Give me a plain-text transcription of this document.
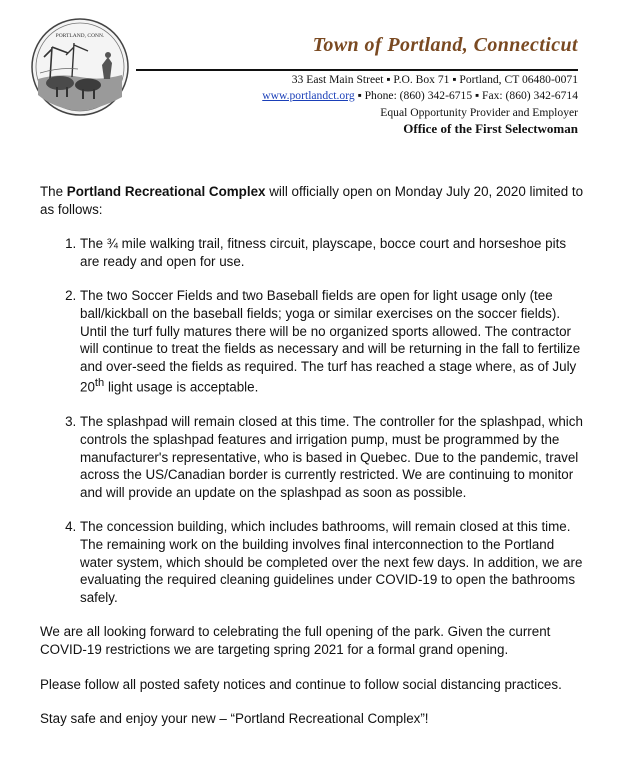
PORTLAND, CONN.	Town of Portland, Connecticut
33 East Main Street ▪ P.O. Box 71 ▪ Portland, CT 06480-0071
www.portlandct.org ▪ Phone: (860) 342-6715 ▪ Fax: (860) 342-6714
Equal Opportunity Provider and Employer
Office of the First Selectwoman

The Portland Recreational Complex will officially open on Monday July 20, 2020 limited to as follows:

1. The ¾ mile walking trail, fitness circuit, playscape, bocce court and horseshoe pits are ready and open for use.
2. The two Soccer Fields and two Baseball fields are open for light usage only (tee ball/kickball on the baseball fields; yoga or similar exercises on the soccer fields). Until the turf fully matures there will be no organized sports allowed. The contractor will continue to treat the fields as necessary and will be returning in the fall to fertilize and over-seed the fields as required. The turf has reached a stage where, as of July 20th light usage is acceptable.
3. The splashpad will remain closed at this time. The controller for the splashpad, which controls the splashpad features and irrigation pump, must be programmed by the manufacturer's representative, who is based in Quebec. Due to the pandemic, travel across the US/Canadian border is currently restricted. We are continuing to monitor and will provide an update on the splashpad as soon as possible.
4. The concession building, which includes bathrooms, will remain closed at this time. The remaining work on the building involves final interconnection to the Portland water system, which should be completed over the next few days. In addition, we are evaluating the required cleaning guidelines under COVID-19 to open the bathrooms safely.

We are all looking forward to celebrating the full opening of the park. Given the current COVID-19 restrictions we are targeting spring 2021 for a formal grand opening.

Please follow all posted safety notices and continue to follow social distancing practices.

Stay safe and enjoy your new – “Portland Recreational Complex”!
